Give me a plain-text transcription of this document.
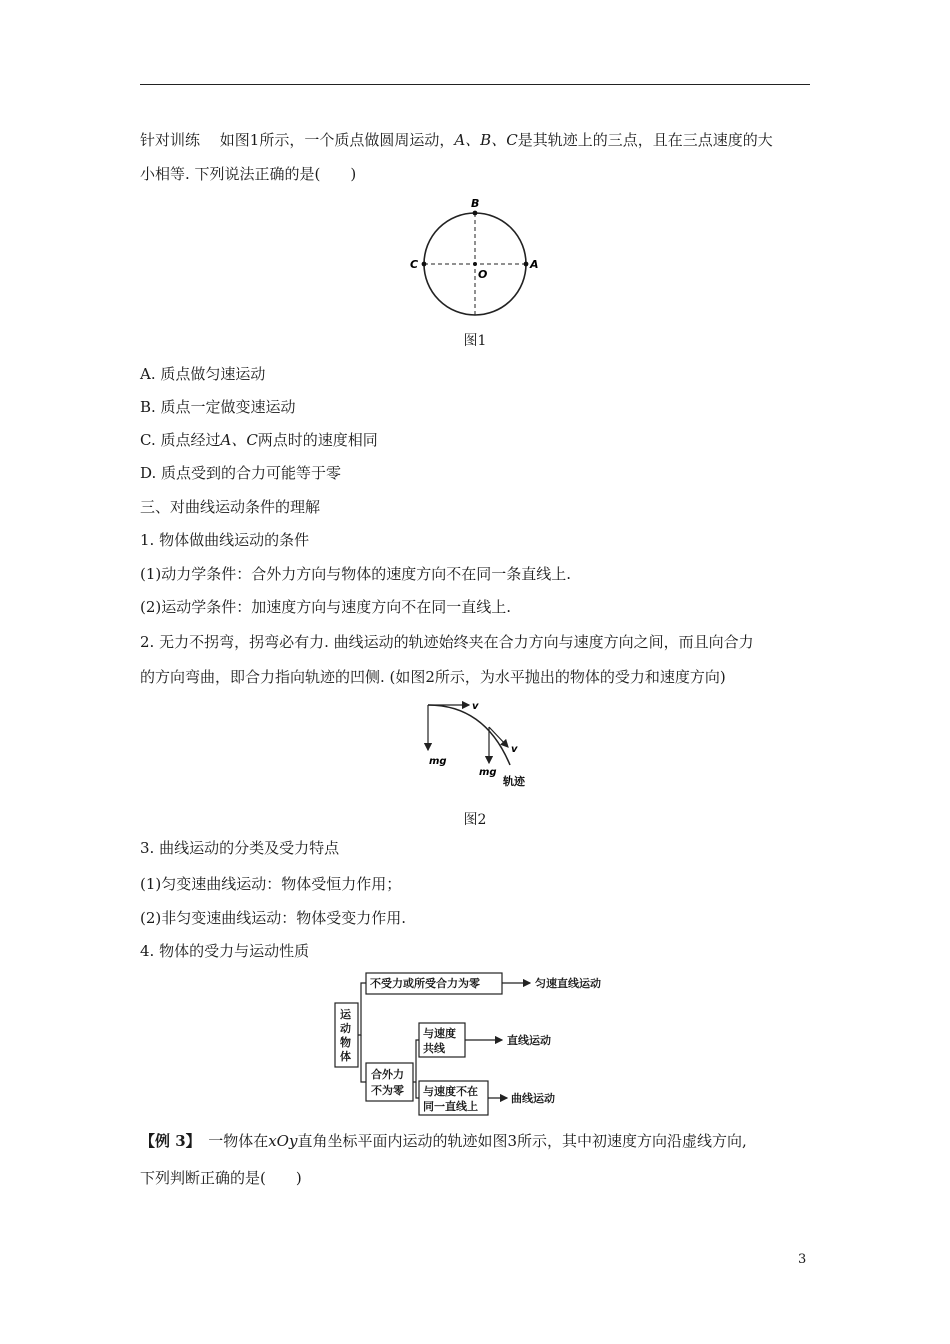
针对训练　 如图1所示，一个质点做圆周运动，A、B、C是其轨迹上的三点，且在三点速度的大
小相等. 下列说法正确的是(　　)
B
C	A
O
图1
A. 质点做匀速运动
B. 质点一定做变速运动
C. 质点经过A、C两点时的速度相同
D. 质点受到的合力可能等于零
三、对曲线运动条件的理解
1. 物体做曲线运动的条件
(1)动力学条件：合外力方向与物体的速度方向不在同一条直线上.
(2)运动学条件：加速度方向与速度方向不在同一直线上.
2. 无力不拐弯，拐弯必有力. 曲线运动的轨迹始终夹在合力方向与速度方向之间，而且向合力
的方向弯曲，即合力指向轨迹的凹侧. (如图2所示，为水平抛出的物体的受力和速度方向)
v
mg
v
mg
轨迹
图2
3. 曲线运动的分类及受力特点
(1)匀变速曲线运动：物体受恒力作用；
(2)非匀变速曲线运动：物体受变力作用.
4. 物体的受力与运动性质
运
动
物
体
不受力或所受合力为零	匀速直线运动
合外力
不为零
与速度
共线
直线运动
与速度不在
同一直线上
曲线运动
【例 3】　 一物体在xOy直角坐标平面内运动的轨迹如图3所示，其中初速度方向沿虚线方向,
下列判断正确的是(　　)
3
